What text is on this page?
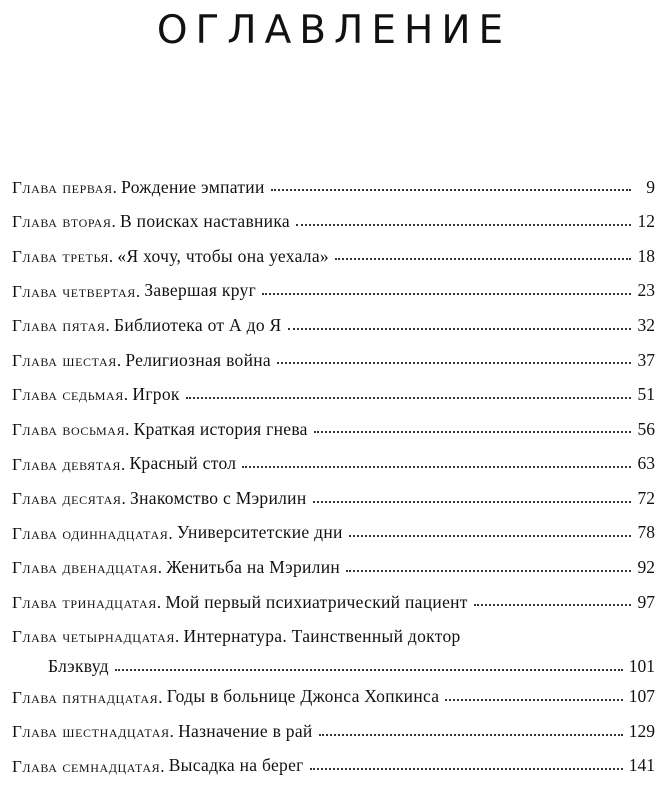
ОГЛАВЛЕНИЕ
Глава первая . Рождение эмпатии	9
Глава вторая . В поисках наставника	12
Глава третья . «Я хочу, чтобы она уехала»	18
Глава четвертая . Завершая круг	23
Глава пятая . Библиотека от А до Я	32
Глава шестая . Религиозная война	37
Глава седьмая . Игрок	51
Глава восьмая . Краткая история гнева	56
Глава девятая . Красный стол	63
Глава десятая . Знакомство с Мэрилин	72
Глава одиннадцатая . Университетские дни	78
Глава двенадцатая . Женитьба на Мэрилин	92
Глава тринадцатая . Мой первый психиатрический пациент	97
Глава четырнадцатая . Интернатура. Таинственный доктор
Блэквуд	101
Глава пятнадцатая . Годы в больнице Джонса Хопкинса	107
Глава шестнадцатая . Назначение в рай	129
Глава семнадцатая . Высадка на берег	141
